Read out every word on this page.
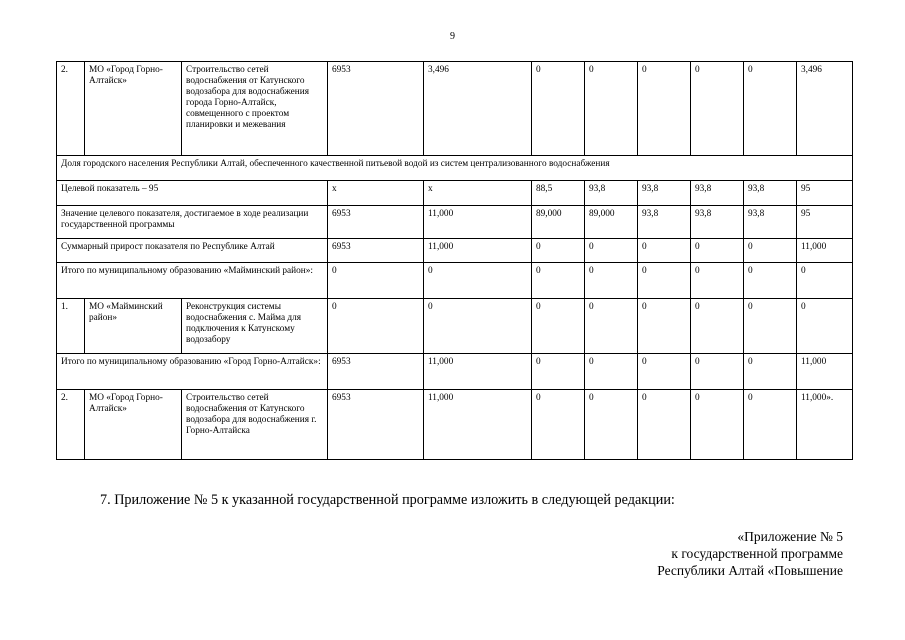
9
2.	МО «Город Горно-Алтайск»	Строительство сетей водоснабжения от Катунского водозабора для водоснабжения города Горно-Алтайск, совмещенного с проектом планировки и межевания	6953	3,496	0	0	0	0	0	3,496
Доля городского населения Республики Алтай, обеспеченного качественной питьевой водой из систем централизованного водоснабжения										
Целевой показатель – 95			x	x	88,5	93,8	93,8	93,8	93,8	95
Значение целевого показателя, достигаемое в ходе реализации государственной программы			6953	11,000	89,000	89,000	93,8	93,8	93,8	95
Суммарный прирост показателя по Республике Алтай			6953	11,000	0	0	0	0	0	11,000
Итого по муниципальному образованию «Майминский район»:			0	0	0	0	0	0	0	0
1.	МО «Майминский район»	Реконструкция системы водоснабжения с. Майма для подключения к Катунскому водозабору	0	0	0	0	0	0	0	0
Итого по муниципальному образованию «Город Горно-Алтайск»:			6953	11,000	0	0	0	0	0	11,000
2.	МО «Город Горно-Алтайск»	Строительство сетей водоснабжения от Катунского водозабора для водоснабжения г. Горно-Алтайска	6953	11,000	0	0	0	0	0	11,000».
7. Приложение № 5 к указанной государственной программе изложить в следующей редакции:
«Приложение № 5
к государственной программе
Республики Алтай «Повышение
